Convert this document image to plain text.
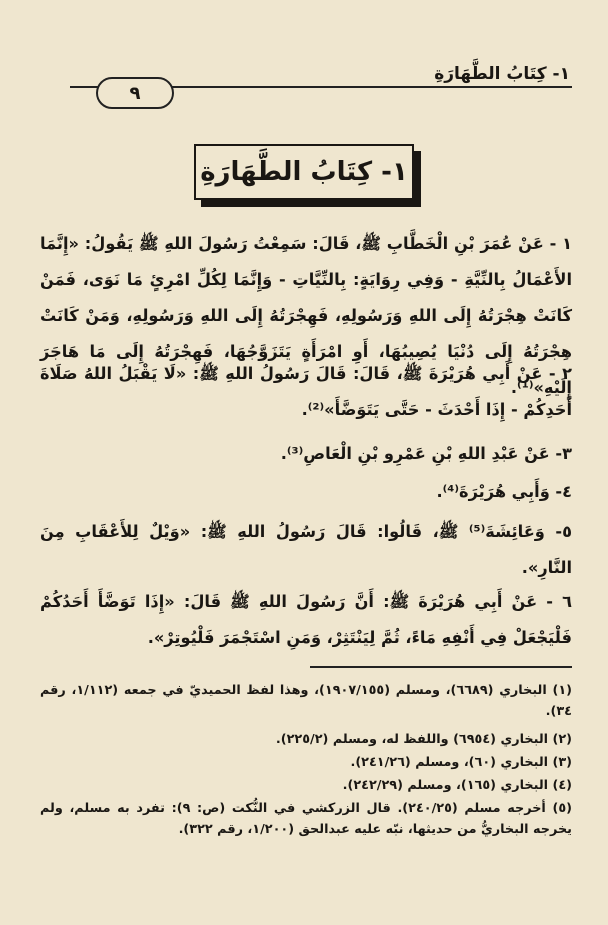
١- كِتَابُ الطَّهَارَةِ
٩
١- كِتَابُ الطَّهَارَةِ
١ - عَنْ عُمَرَ بْنِ الْخَطَّابِ ﷺ، قَالَ: سَمِعْتُ رَسُولَ اللهِ ﷺ يَقُولُ: «إِنَّمَا الأَعْمَالُ بِالنِّيَّةِ - وَفِي رِوَايَةٍ: بِالنِّيَّاتِ - وَإِنَّمَا لِكُلِّ امْرِئٍ مَا نَوَى، فَمَنْ كَانَتْ هِجْرَتُهُ إِلَى اللهِ وَرَسُولِهِ، فَهِجْرَتُهُ إِلَى اللهِ وَرَسُولِهِ، وَمَنْ كَانَتْ هِجْرَتُهُ إِلَى دُنْيَا يُصِيبُهَا، أَوِ امْرَأَةٍ يَتَزَوَّجُهَا، فَهِجْرَتُهُ إِلَى مَا هَاجَرَ إِلَيْهِ»⁽¹⁾.
٢ - عَنْ أَبِي هُرَيْرَةَ ﷺ، قَالَ: قَالَ رَسُولُ اللهِ ﷺ: «لَا يَقْبَلُ اللهُ صَلَاةَ أَحَدِكُمْ - إِذَا أَحْدَثَ - حَتَّى يَتَوَضَّأَ»⁽²⁾.
٣- عَنْ عَبْدِ اللهِ بْنِ عَمْرِو بْنِ الْعَاصِ⁽³⁾.
٤- وَأَبِي هُرَيْرَةَ⁽⁴⁾.
٥- وَعَائِشَةَ⁽⁵⁾ ﷺ، قَالُوا: قَالَ رَسُولُ اللهِ ﷺ: «وَيْلٌ لِلأَعْقَابِ مِنَ النَّارِ».
٦ - عَنْ أَبِي هُرَيْرَةَ ﷺ: أَنَّ رَسُولَ اللهِ ﷺ قَالَ: «إِذَا تَوَضَّأَ أَحَدُكُمْ فَلْيَجْعَلْ فِي أَنْفِهِ مَاءً، ثُمَّ لِيَنْتَثِرْ، وَمَنِ اسْتَجْمَرَ فَلْيُوتِرْ».
(١) البخاري (٦٦٨٩)، ومسلم (١٩٠٧/١٥٥)، وهذا لفظ الحميديّ في جمعه (١/١١٢، رقم ٣٤).
(٢) البخاري (٦٩٥٤) واللفظ له، ومسلم (٢٢٥/٢).
(٣) البخاري (٦٠)، ومسلم (٢٤١/٢٦).
(٤) البخاري (١٦٥)، ومسلم (٢٤٢/٢٩).
(٥) أخرجه مسلم (٢٤٠/٢٥). قال الزركشي في النُّكت (ص: ٩): تفرد به مسلم، ولم يخرجه البخاريُّ من حديثها، نبّه عليه عبدالحق (١/٢٠٠، رقم ٣٢٢).
